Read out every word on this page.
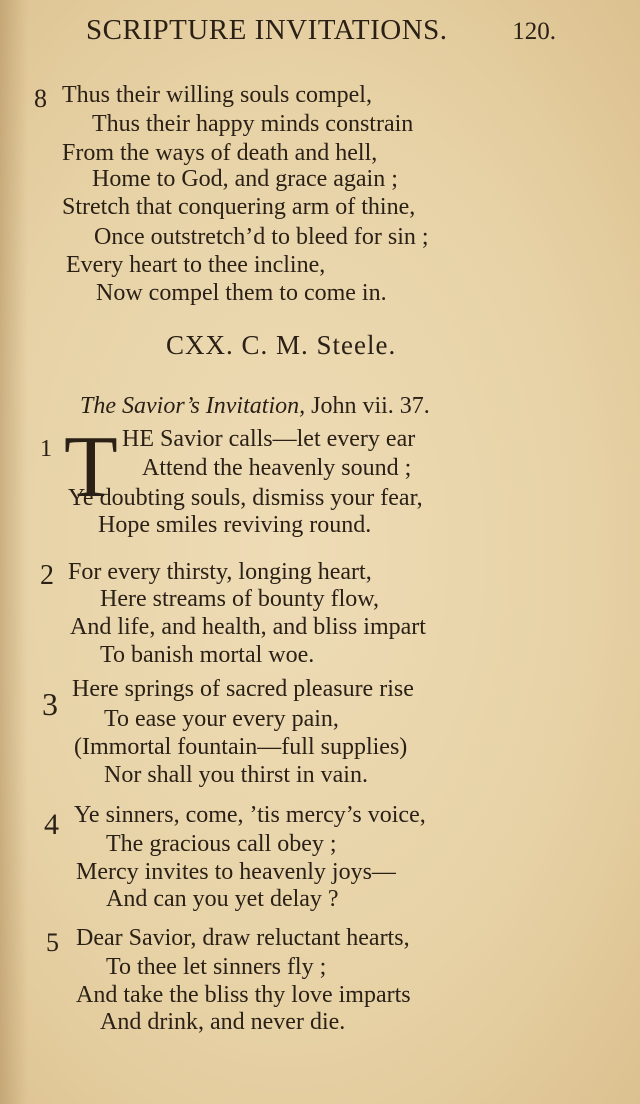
SCRIPTURE INVITATIONS.	120.
8 Thus their willing souls compel,
Thus their happy minds constrain
From the ways of death and hell,
Home to God, and grace again ;
Stretch that conquering arm of thine,
Once outstretch’d to bleed for sin ;
Every heart to thee incline,
Now compel them to come in.
CXX. C. M. Steele.
The Savior’s Invitation, John vii. 37.
1 T HE Savior calls—let every ear
Attend the heavenly sound ;
Ye doubting souls, dismiss your fear,
Hope smiles reviving round.
2 For every thirsty, longing heart,
Here streams of bounty flow,
And life, and health, and bliss impart
To banish mortal woe.
3 Here springs of sacred pleasure rise
To ease your every pain,
(Immortal fountain—full supplies)
Nor shall you thirst in vain.
4 Ye sinners, come, ’tis mercy’s voice,
The gracious call obey ;
Mercy invites to heavenly joys—
And can you yet delay ?
5 Dear Savior, draw reluctant hearts,
To thee let sinners fly ;
And take the bliss thy love imparts
And drink, and never die.
